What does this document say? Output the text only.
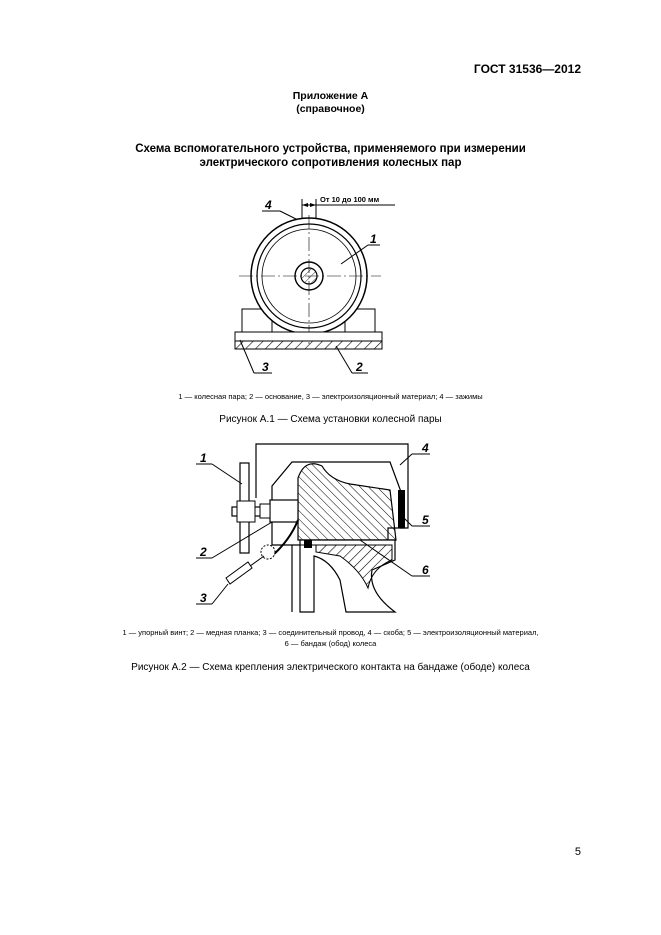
ГОСТ 31536—2012
Приложение А
(справочное)
Схема вспомогательного устройства, применяемого при измерении
электрического сопротивления колесных пар
От 10 до 100 мм
4
1
2
3
1
2
3
4
5
6
1 — колесная пара; 2 — основание, 3 — электроизоляционный материал; 4 — зажимы
Рисунок А.1 — Схема установки колесной пары
1 — упорный винт; 2 — медная планка; 3 — соединительный провод, 4 — скоба; 5 — электроизоляционный материал,
6 — бандаж (обод) колеса
Рисунок А.2 — Схема крепления электрического контакта на бандаже (ободе) колеса
5
